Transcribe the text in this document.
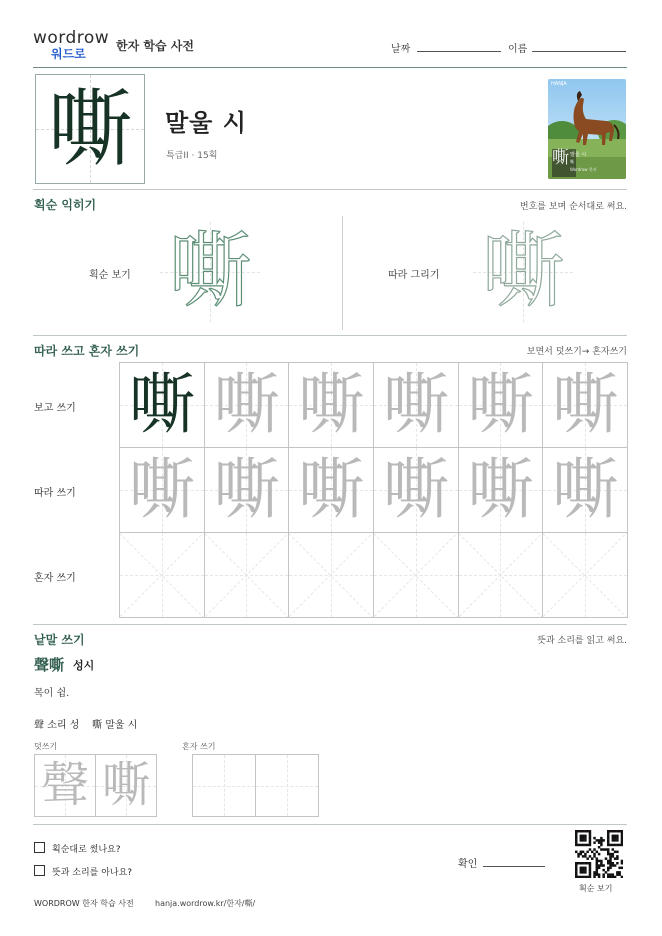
wordrow
워드로
한자 학습 사전	날짜	이름
嘶	말울 시
특급II · 15획
HANJA
嘶 말울 시
嘶
Wordrow 한자
획순 익히기	번호를 보며 순서대로 써요.
획순 보기 嘶	따라 그리기 嘶
따라 쓰고 혼자 쓰기	보면서 덧쓰기→ 혼자쓰기
보고 쓰기
따라 쓰기
혼자 쓰기
嘶 嘶 嘶 嘶 嘶 嘶
嘶 嘶 嘶 嘶 嘶 嘶
낱말 쓰기	뜻과 소리를 읽고 써요.
聲嘶 성시
목이 쉼.
聲 소리 성 嘶 말울 시
덧쓰기	혼자 쓰기
聲 嘶
획순대로 썼나요?
뜻과 소리를 아나요?
확인
획순 보기
WORDROW 한자 학습 사전	hanja.wordrow.kr/한자/嘶/
